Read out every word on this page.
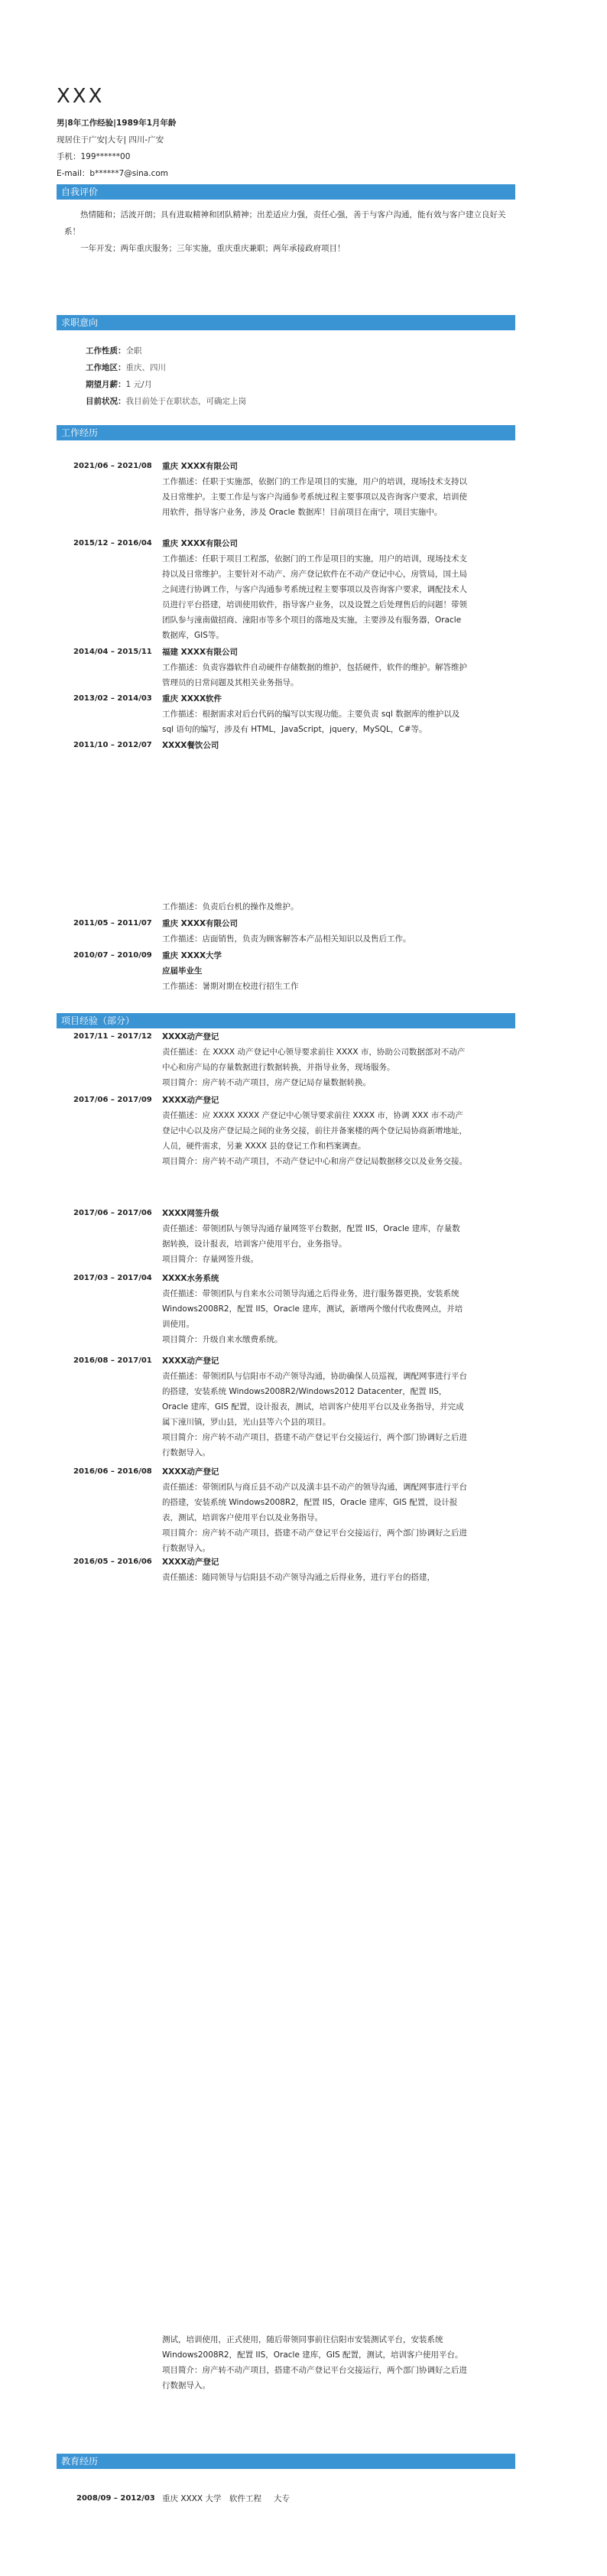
XXX
男|8年工作经验|1989年1月年龄
现居住于广安|大专| 四川-广安
手机：199******00
E-mail：b******7@sina.com
自我评价

热情随和；活波开朗；具有进取精神和团队精神；出差适应力强，责任心强，善于与客户沟通，能有效与客户建立良好关系！

一年开发；两年重庆服务；三年实施，重庆重庆兼职；两年承接政府项目！

求职意向
工作性质：全职
工作地区：重庆、四川
期望月薪：1 元/月
目前状况：我目前处于在职状态，可确定上岗
工作经历
2021/06 – 2021/08	重庆 XXXX有限公司
工作描述：任职于实施部，依据门的工作是项目的实施，用户的培训，现场技术支持以及日常维护。主要工作是与客户沟通参考系统过程主要事项以及咨询客户要求，培训使用软件，指导客户业务，涉及 Oracle 数据库！目前项目在南宁，项目实施中。
2015/12 – 2016/04	重庆 XXXX有限公司
工作描述：任职于项目工程部，依据门的工作是项目的实施，用户的培训，现场技术支持以及日常维护。主要针对不动产、房产登记软件在不动产登记中心，房管局，国土局之间进行协调工作，与客户沟通参考系统过程主要事项以及咨询客户要求，调配技术人员进行平台搭建，培训使用软件，指导客户业务，以及设置之后处理售后的问题！带领团队参与潼南做招商、潼阳市等多个项目的落地及实施，主要涉及有服务器，Oracle 数据库，GIS等。
2014/04 – 2015/11	福建 XXXX有限公司
工作描述：负责容器软件自动硬件存储数据的维护，包括硬件，软件的维护。解答维护管理员的日常问题及其相关业务指导。
2013/02 – 2014/03	重庆 XXXX软件
工作描述：根据需求对后台代码的编写以实现功能。主要负责 sql 数据库的维护以及 sql 语句的编写，涉及有 HTML，JavaScript，jquery，MySQL，C#等。
2011/10 – 2012/07	XXXX餐饮公司
工作描述：负责后台机的操作及维护。
2011/05 – 2011/07	重庆 XXXX有限公司
工作描述：店面销售，负责为顾客解答本产品相关知识以及售后工作。
2010/07 – 2010/09	重庆 XXXX大学
应届毕业生
工作描述：暑期对期在校进行招生工作
项目经验（部分）
2017/11 – 2017/12	XXXX动产登记
责任描述：在 XXXX 动产登记中心领导要求前往 XXXX 市，协助公司数据部对不动产中心和房产局的存量数据进行数据转换，并指导业务，现场服务。
项目简介：房产转不动产项目，房产登记局存量数据转换。
2017/06 – 2017/09	XXXX动产登记
责任描述：应 XXXX XXXX 产登记中心领导要求前往 XXXX 市，协调 XXX 市不动产登记中心以及房产登记局之间的业务交接，前往并备案楼的两个登记局协商新增地址，人员，硬件需求，另兼 XXXX 县的登记工作和档案调查。
项目简介：房产转不动产项目，不动产登记中心和房产登记局数据移交以及业务交接。
2017/06 – 2017/06	XXXX网签升级
责任描述：带领团队与领导沟通存量网签平台数据，配置 IIS，Oracle 建库，存量数据转换，设计报表，培训客户使用平台，业务指导。
项目简介：存量网签升级。
2017/03 – 2017/04	XXXX水务系统
责任描述：带领团队与自来水公司领导沟通之后得业务，进行服务器更换，安装系统 Windows2008R2，配置 IIS，Oracle 建库，测试，新增两个缴付代收费网点，并培训使用。
项目简介：升级自来水缴费系统。
2016/08 – 2017/01	XXXX动产登记
责任描述：带领团队与信阳市不动产领导沟通，协助确保人员巡视，调配网事进行平台的搭建，安装系统 Windows2008R2/Windows2012 Datacenter，配置 IIS，Oracle 建库，GIS 配置，设计报表，测试，培训客户使用平台以及业务指导，并完成属下潼川镇，罗山县，光山县等六个县的项目。
项目简介：房产转不动产项目，搭建不动产登记平台交接运行，两个部门协调好之后进行数据导入。
2016/06 – 2016/08	XXXX动产登记
责任描述：带领团队与商丘县不动产以及潢丰县不动产的领导沟通，调配网事进行平台的搭建，安装系统 Windows2008R2，配置 IIS，Oracle 建库，GIS 配置，设计报表，测试，培训客户使用平台以及业务指导。
项目简介：房产转不动产项目，搭建不动产登记平台交接运行，两个部门协调好之后进行数据导入。
2016/05 – 2016/06	XXXX动产登记
责任描述：随同领导与信阳县不动产领导沟通之后得业务，进行平台的搭建，
测试，培训使用，正式使用，随后带领同事前往信阳市安装测试平台，安装系统 Windows2008R2，配置 IIS，Oracle 建库，GIS 配置，测试，培训客户使用平台。
项目简介：房产转不动产项目，搭建不动产登记平台交接运行，两个部门协调好之后进行数据导入。
教育经历
2008/09 – 2012/03 重庆 XXXX 大学 软件工程 大专
